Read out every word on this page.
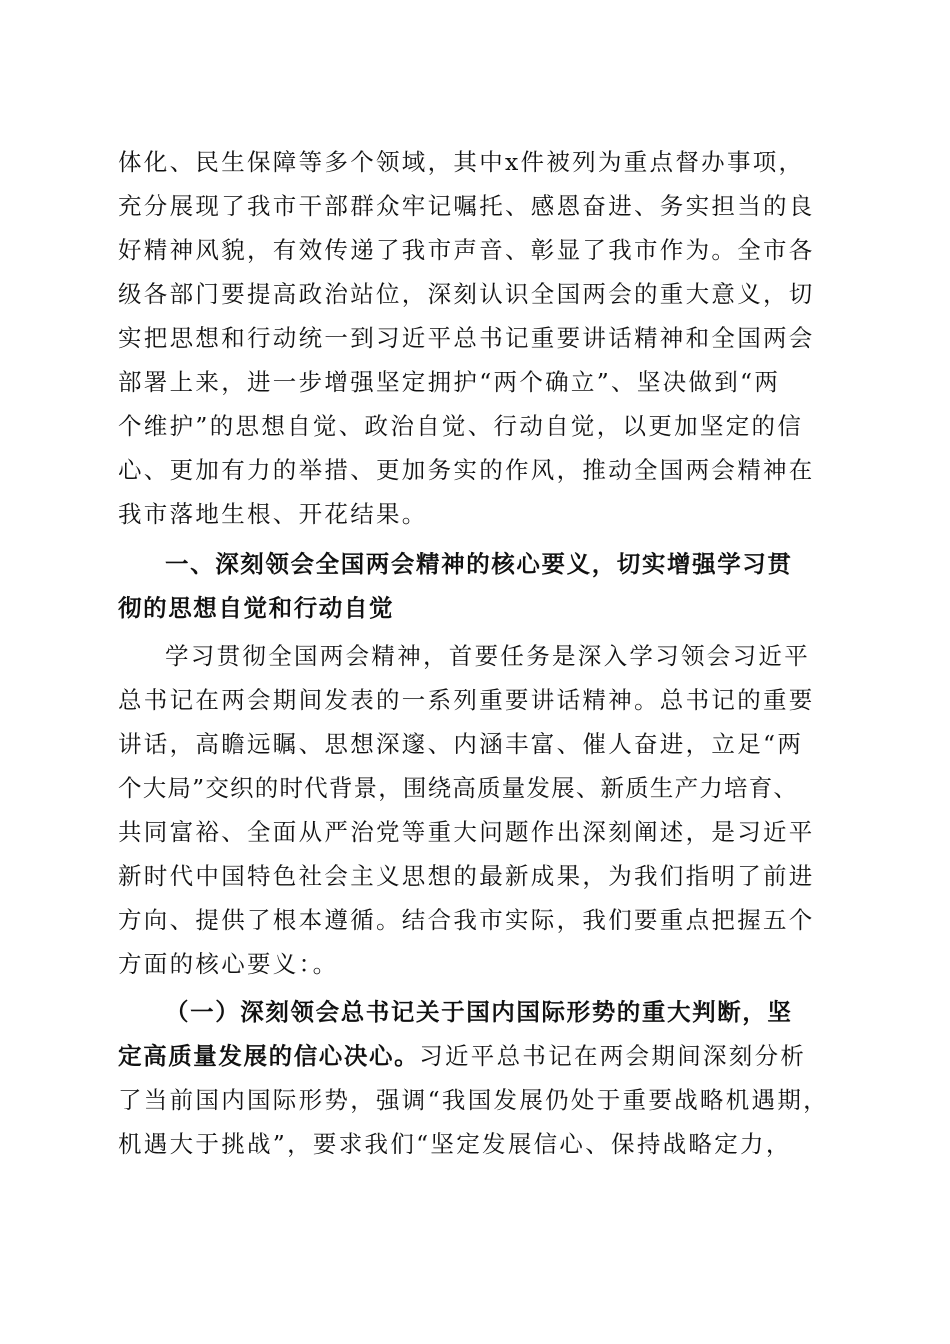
体化、民生保障等多个领域，其中x件被列为重点督办事项，
充分展现了我市干部群众牢记嘱托、感恩奋进、务实担当的良
好精神风貌，有效传递了我市声音、彰显了我市作为。全市各
级各部门要提高政治站位，深刻认识全国两会的重大意义，切
实把思想和行动统一到习近平总书记重要讲话精神和全国两会
部署上来，进一步增强坚定拥护“两个确立”、坚决做到“两
个维护”的思想自觉、政治自觉、行动自觉，以更加坚定的信
心、更加有力的举措、更加务实的作风，推动全国两会精神在
我市落地生根、开花结果。
一、深刻领会全国两会精神的核心要义，切实增强学习贯
彻的思想自觉和行动自觉
学习贯彻全国两会精神，首要任务是深入学习领会习近平
总书记在两会期间发表的一系列重要讲话精神。总书记的重要
讲话，高瞻远瞩、思想深邃、内涵丰富、催人奋进，立足“两
个大局”交织的时代背景，围绕高质量发展、新质生产力培育、
共同富裕、全面从严治党等重大问题作出深刻阐述，是习近平
新时代中国特色社会主义思想的最新成果，为我们指明了前进
方向、提供了根本遵循。结合我市实际，我们要重点把握五个
方面的核心要义：。
（一）深刻领会总书记关于国内国际形势的重大判断，坚
定高质量发展的信心决心。习近平总书记在两会期间深刻分析
了当前国内国际形势，强调“我国发展仍处于重要战略机遇期，
机遇大于挑战”，要求我们“坚定发展信心、保持战略定力，
